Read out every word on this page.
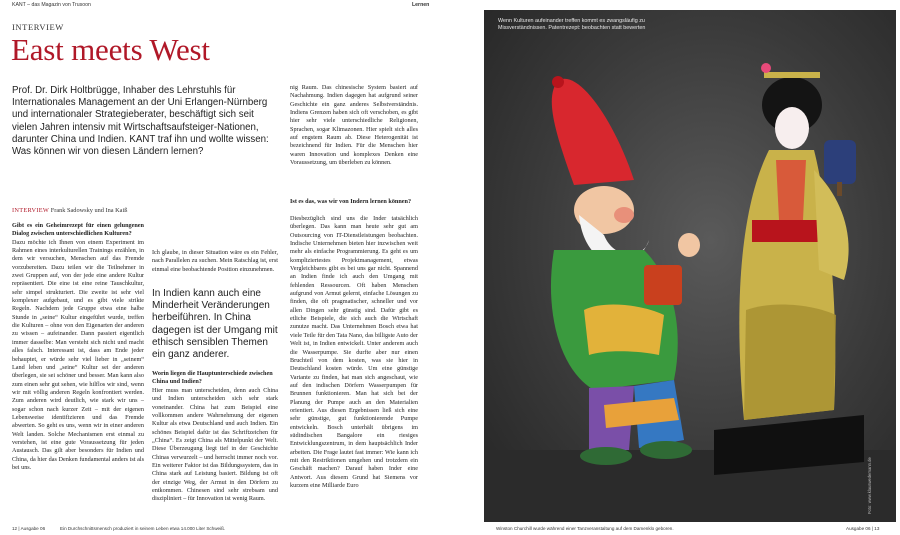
KANT – das Magazin von Trusoon	Lernen
INTERVIEW
East meets West

Prof. Dr. Dirk Holtbrügge, Inhaber des Lehrstuhls für Internationales Management an der Uni Erlangen-Nürnberg und internationaler Strategieberater, beschäftigt sich seit vielen Jahren intensiv mit Wirtschaftsaufsteiger-Nationen, darunter China und Indien. KANT traf ihn und wollte wissen: Was können wir von diesen Ländern lernen?

INTERVIEW Frank Sadowsky und Ina Kaiß
Gibt es ein Geheimrezept für einen gelungenen Dialog zwischen unterschiedlichen Kulturen?
Dazu möchte ich Ihnen von einem Experiment im Rahmen eines interkulturellen Trainings erzählen, in dem wir versuchen, Menschen auf das Fremde vorzubereiten. Dazu teilen wir die Teilnehmer in zwei Gruppen auf, von der jede eine andere Kultur repräsentiert. Die eine ist eine reine Tauschkultur, sehr simpel strukturiert. Die zweite ist sehr viel komplexer aufgebaut, und es gibt viele strikte Regeln. Nachdem jede Gruppe etwa eine halbe Stunde in „seine“ Kultur eingeführt wurde, treffen die Kulturen – ohne von den Eigenarten der anderen zu wissen – aufeinander. Dann passiert eigentlich immer dasselbe: Man versteht sich nicht und macht alles falsch. Interessant ist, dass am Ende jeder behauptet, er würde sehr viel lieber in „seinem“ Land leben und „seine“ Kultur sei der anderen überlegen, sie sei schöner und besser. Man kann also zum einen sehr gut sehen, wie hilflos wir sind, wenn wir mit völlig anderen Regeln konfrontiert werden. Zum anderen wird deutlich, wie stark wir uns – sogar schon nach kurzer Zeit – mit der eigenen Lebensweise identifizieren und das Fremde abwerten. So geht es uns, wenn wir in einer anderen Welt landen. Solche Mechanismen erst einmal zu verstehen, ist eine gute Voraussetzung für jeden Austausch. Das gilt aber besonders für Indien und China, da hier das Denken fundamental anders ist als bei uns.

Ich glaube, in dieser Situation wäre es ein Fehler, nach Parallelen zu suchen. Mein Ratschlag ist, erst einmal eine beobachtende Position einzunehmen.

In Indien kann auch eine Minderheit Veränderungen herbeiführen. In China dagegen ist der Umgang mit ethisch sensiblen Themen ein ganz anderer.

Worin liegen die Hauptunterschiede zwischen China und Indien?

Hier muss man unterscheiden, denn auch China und Indien unterscheiden sich sehr stark voneinander. China hat zum Beispiel eine vollkommen andere Wahrnehmung der eigenen Kultur als etwa Deutschland und auch Indien. Ein schönes Beispiel dafür ist das Schriftzeichen für „China“. Es zeigt China als Mittelpunkt der Welt. Diese Überzeugung liegt tief in der Geschichte Chinas verwurzelt – und herrscht immer noch vor. Ein weiterer Faktor ist das Bildungssystem, das in China stark auf Leistung basiert. Bildung ist oft der einzige Weg, der Armut in den Dörfern zu entkommen. Chinesen sind sehr strebsam und diszipliniert – für Innovation ist wenig Raum.

nig Raum. Das chinesische System basiert auf Nachahmung. Indien dagegen hat aufgrund seiner Geschichte ein ganz anderes Selbstverständnis. Indiens Grenzen haben sich oft verschoben, es gibt hier sehr viele unterschiedliche Religionen, Sprachen, sogar Klimazonen. Hier spielt sich alles auf engstem Raum ab. Diese Heterogenität ist bezeichnend für Indien. Für die Menschen hier waren Innovation und komplexes Denken eine Voraussetzung, um überleben zu können.

Ist es das, was wir von Indern lernen können?

Diesbezüglich sind uns die Inder tatsächlich überlegen. Das kann man heute sehr gut am Outsourcing von IT-Dienstleistungen beobachten. Indische Unternehmen bieten hier inzwischen weit mehr als einfache Programmierung. Es geht es um kompliziertestes Projektmanagement, etwas Vergleichbares gibt es bei uns gar nicht. Spannend an Indien finde ich auch den Umgang mit fehlenden Ressourcen. Oft haben Menschen aufgrund von Armut gelernt, einfache Lösungen zu finden, die oft pragmatischer, schneller und vor allen Dingen sehr günstig sind. Dafür gibt es etliche Beispiele, die sich auch die Wirtschaft zunutze macht. Das Unternehmen Bosch etwa hat viele Teile für den Tata Nano, das billigste Auto der Welt ist, in Indien entwickelt. Unter anderem auch die Wasserpumpe. Sie durfte aber nur einen Bruchteil von dem kosten, was sie hier in Deutschland kosten würde. Um eine günstige Variante zu finden, hat man sich angeschaut, wie auf den indischen Dörfern Wasserpumpen für Brunnen funktionieren. Man hat sich bei der Planung der Pumpe auch an den Materialien orientiert. Aus diesen Ergebnissen ließ sich eine sehr günstige, gut funktionierende Pumpe entwickeln. Bosch unterhält übrigens im südindischen Bangalore ein riesiges Entwicklungszentrum, in dem hauptsächlich Inder arbeiten. Die Frage lautet fast immer: Wie kann ich mit den Restriktionen umgehen und trotzdem ein Geschäft machen? Darauf haben Inder eine Antwort. Aus diesem Grund hat Siemens vor kurzem eine Milliarde Euro

Wenn Kulturen aufeinander treffen kommt es zwangsläufig zu Missverständnissen. Patentrezept: beobachten statt bewerten
Foto: www.klauswedemann.de
12 | Ausgabe 06	Ein Durchschnittsmensch produziert in seinem Leben etwa 14.000 Liter Schweiß.	Winston Churchill wurde während einer Tanzveranstaltung auf dem Damenklo geboren.	Ausgabe 06 | 13
